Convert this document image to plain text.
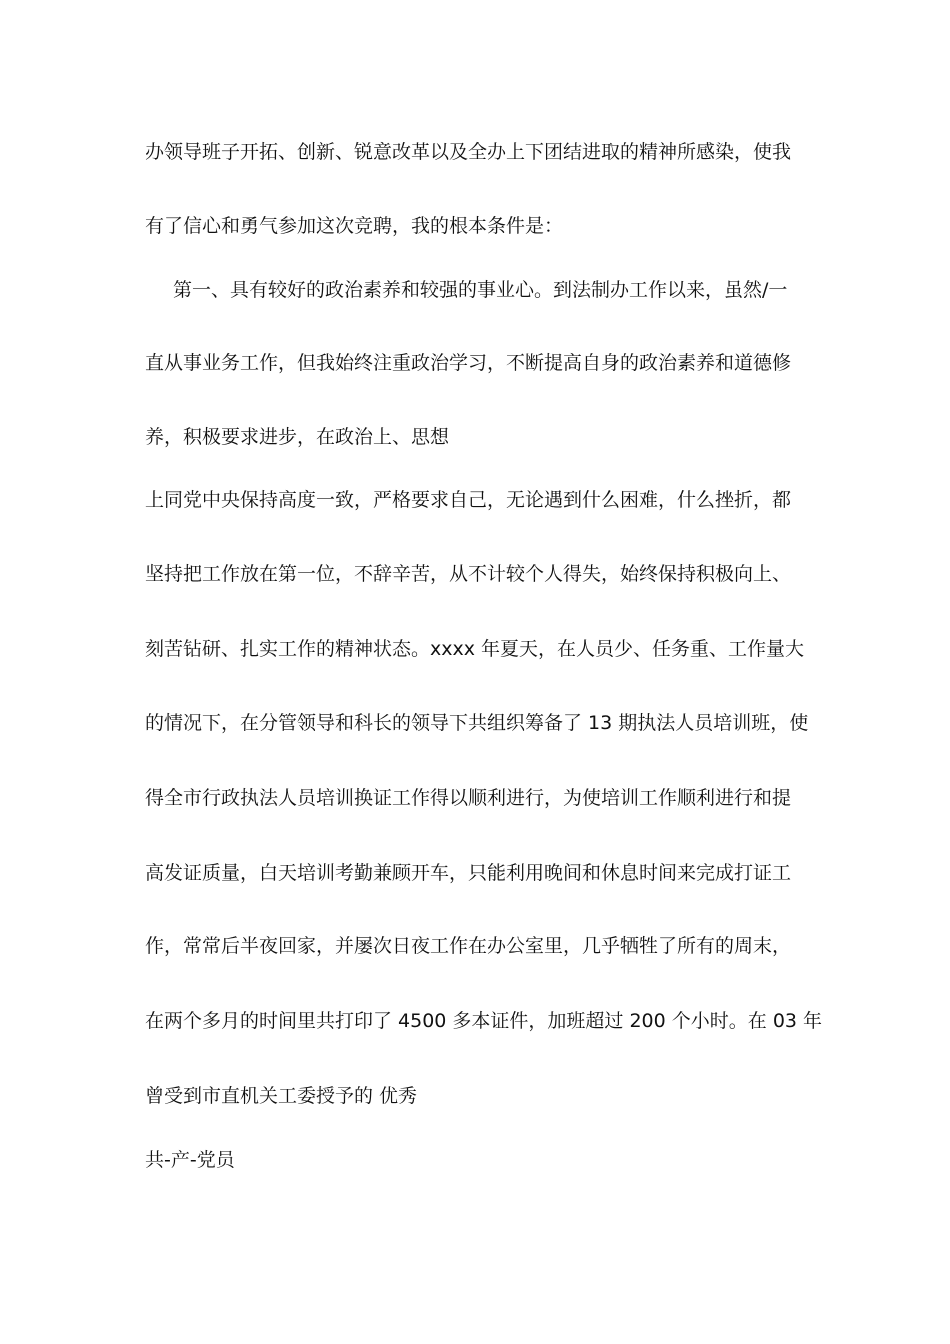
办领导班子开拓、创新、锐意改革以及全办上下团结进取的精神所感染，使我
有了信心和勇气参加这次竞聘，我的根本条件是：
第一、具有较好的政治素养和较强的事业心。到法制办工作以来，虽然/一
直从事业务工作，但我始终注重政治学习，不断提高自身的政治素养和道德修
养，积极要求进步，在政治上、思想
上同党中央保持高度一致，严格要求自己，无论遇到什么困难，什么挫折，都
坚持把工作放在第一位，不辞辛苦，从不计较个人得失，始终保持积极向上、
刻苦钻研、扎实工作的精神状态。xxxx 年夏天，在人员少、任务重、工作量大
的情况下，在分管领导和科长的领导下共组织筹备了 13 期执法人员培训班，使
得全市行政执法人员培训换证工作得以顺利进行，为使培训工作顺利进行和提
高发证质量，白天培训考勤兼顾开车，只能利用晚间和休息时间来完成打证工
作，常常后半夜回家，并屡次日夜工作在办公室里，几乎牺牲了所有的周末，
在两个多月的时间里共打印了 4500 多本证件，加班超过 200 个小时。在 03 年
曾受到市直机关工委授予的 优秀
共-产-党员
